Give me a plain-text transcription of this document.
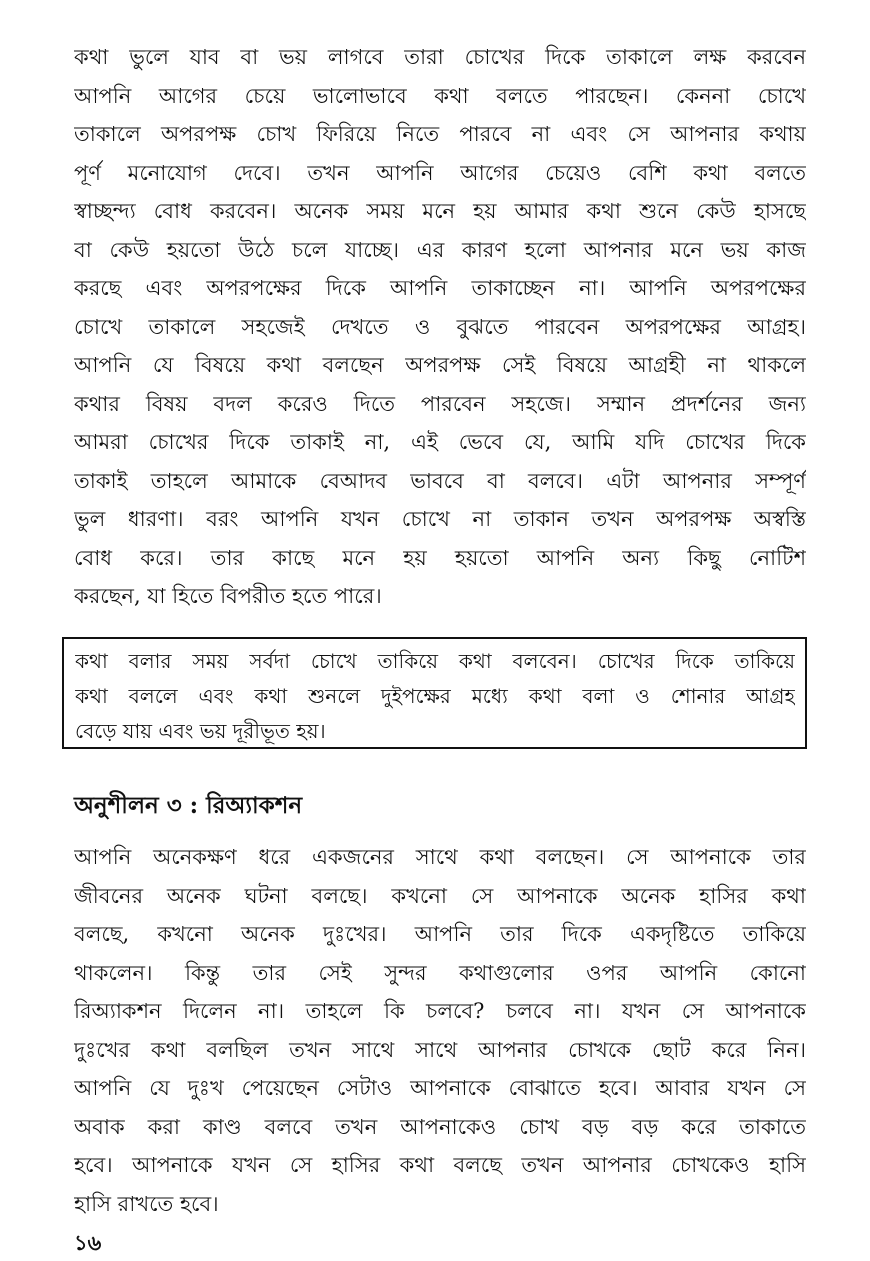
কথা ভুলে যাব বা ভয় লাগবে তারা চোখের দিকে তাকালে লক্ষ করবেন
আপনি আগের চেয়ে ভালোভাবে কথা বলতে পারছেন। কেননা চোখে
তাকালে অপরপক্ষ চোখ ফিরিয়ে নিতে পারবে না এবং সে আপনার কথায়
পূর্ণ মনোযোগ দেবে। তখন আপনি আগের চেয়েও বেশি কথা বলতে
স্বাচ্ছন্দ্য বোধ করবেন। অনেক সময় মনে হয় আমার কথা শুনে কেউ হাসছে
বা কেউ হয়তো উঠে চলে যাচ্ছে। এর কারণ হলো আপনার মনে ভয় কাজ
করছে এবং অপরপক্ষের দিকে আপনি তাকাচ্ছেন না। আপনি অপরপক্ষের
চোখে তাকালে সহজেই দেখতে ও বুঝতে পারবেন অপরপক্ষের আগ্রহ।
আপনি যে বিষয়ে কথা বলছেন অপরপক্ষ সেই বিষয়ে আগ্রহী না থাকলে
কথার বিষয় বদল করেও দিতে পারবেন সহজে। সম্মান প্রদর্শনের জন্য
আমরা চোখের দিকে তাকাই না, এই ভেবে যে, আমি যদি চোখের দিকে
তাকাই তাহলে আমাকে বেআদব ভাববে বা বলবে। এটা আপনার সম্পূর্ণ
ভুল ধারণা। বরং আপনি যখন চোখে না তাকান তখন অপরপক্ষ অস্বস্তি
বোধ করে। তার কাছে মনে হয় হয়তো আপনি অন্য কিছু নোটিশ
করছেন, যা হিতে বিপরীত হতে পারে।
কথা বলার সময় সর্বদা চোখে তাকিয়ে কথা বলবেন। চোখের দিকে তাকিয়ে
কথা বললে এবং কথা শুনলে দুইপক্ষের মধ্যে কথা বলা ও শোনার আগ্রহ
বেড়ে যায় এবং ভয় দূরীভূত হয়।
অনুশীলন ৩ : রিঅ্যাকশন
আপনি অনেকক্ষণ ধরে একজনের সাথে কথা বলছেন। সে আপনাকে তার
জীবনের অনেক ঘটনা বলছে। কখনো সে আপনাকে অনেক হাসির কথা
বলছে, কখনো অনেক দুঃখের। আপনি তার দিকে একদৃষ্টিতে তাকিয়ে
থাকলেন। কিন্তু তার সেই সুন্দর কথাগুলোর ওপর আপনি কোনো
রিঅ্যাকশন দিলেন না। তাহলে কি চলবে? চলবে না। যখন সে আপনাকে
দুঃখের কথা বলছিল তখন সাথে সাথে আপনার চোখকে ছোট করে নিন।
আপনি যে দুঃখ পেয়েছেন সেটাও আপনাকে বোঝাতে হবে। আবার যখন সে
অবাক করা কাণ্ড বলবে তখন আপনাকেও চোখ বড় বড় করে তাকাতে
হবে। আপনাকে যখন সে হাসির কথা বলছে তখন আপনার চোখকেও হাসি
হাসি রাখতে হবে।
১৬
